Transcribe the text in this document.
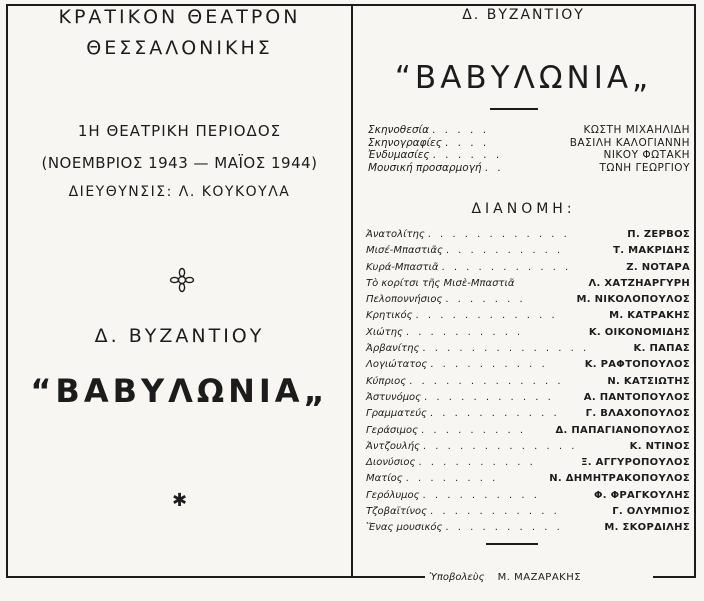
ΚΡΑΤΙΚΟΝ ΘΕΑΤΡΟΝ
ΘΕΣΣΑΛΟΝΙΚΗΣ
1Η ΘΕΑΤΡΙΚΗ ΠΕΡΙΟΔΟΣ
(ΝΟΕΜΒΡΙΟΣ 1943 — ΜΑΪΟΣ 1944)
ΔΙΕΥΘΥΝΣΙΣ: Λ. ΚΟΥΚΟΥΛΑ
Δ. ΒΥΖΑΝΤΙΟΥ
“ΒΑΒΥΛΩΝΙΑ„
✱
Δ. ΒΥΖΑΝΤΙΟΥ
“ΒΑΒΥΛΩΝΙΑ„
Σκηνοθεσία . . . . .	ΚΩΣΤΗ ΜΙΧΑΗΛΙΔΗ
Σκηνογραφίες . . . .	ΒΑΣΙΛΗ ΚΑΛΟΓΙΑΝΝΗ
Ἐνδυμασίες . . . . . .	ΝΙΚΟΥ ΦΩΤΑΚΗ
Μουσική προσαρμογή . .	ΤΩΝΗ ΓΕΩΡΓΙΟΥ
ΔΙΑΝΟΜΗ:
Ἀνατολίτης . . . . . . . . . . . .	Π. ΖΕΡΒΟΣ
Μισέ-Μπαστιᾶς . . . . . . . . . .	Τ. ΜΑΚΡΙΔΗΣ
Κυρά-Μπαστιᾶ . . . . . . . . . . .	Ζ. ΝΟΤΑΡΑ
Τὸ κορίτσι τῆς Μισὲ-Μπαστιᾶ	Λ. ΧΑΤΖΗΑΡΓΥΡΗ
Πελοποννήσιος . . . . . . .	Μ. ΝΙΚΟΛΟΠΟΥΛΟΣ
Κρητικός . . . . . . . . . . . .	Μ. ΚΑΤΡΑΚΗΣ
Χιώτης . . . . . . . . . .	Κ. ΟΙΚΟΝΟΜΙΔΗΣ
Ἀρβανίτης . . . . . . . . . . . . . .	Κ. ΠΑΠΑΣ
Λογιώτατος . . . . . . . . . .	Κ. ΡΑΦΤΟΠΟΥΛΟΣ
Κύπριος . . . . . . . . . . . . .	Ν. ΚΑΤΣΙΩΤΗΣ
Ἀστυνόμος . . . . . . . . . . .	Α. ΠΑΝΤΟΠΟΥΛΟΣ
Γραμματεύς . . . . . . . . . . .	Γ. ΒΛΑΧΟΠΟΥΛΟΣ
Γεράσιμος . . . . . . . . .	Δ. ΠΑΠΑΓΙΑΝΟΠΟΥΛΟΣ
Ἀντζουλής . . . . . . . . . . . . .	Κ. ΝΤΙΝΟΣ
Διονύσιος . . . . . . . . . .	Ξ. ΑΓΓΥΡΟΠΟΥΛΟΣ
Ματίος . . . . . . . .	Ν. ΔΗΜΗΤΡΑΚΟΠΟΥΛΟΣ
Γερόλυμος . . . . . . . . . .	Φ. ΦΡΑΓΚΟΥΛΗΣ
Τζοβαϊτίνος . . . . . . . . . . .	Γ. ΟΛΥΜΠΙΟΣ
Ἕνας μουσικός . . . . . . . . . .	Μ. ΣΚΟΡΔΙΛΗΣ
Ὑποβολεὺς Μ. ΜΑΖΑΡΑΚΗΣ
